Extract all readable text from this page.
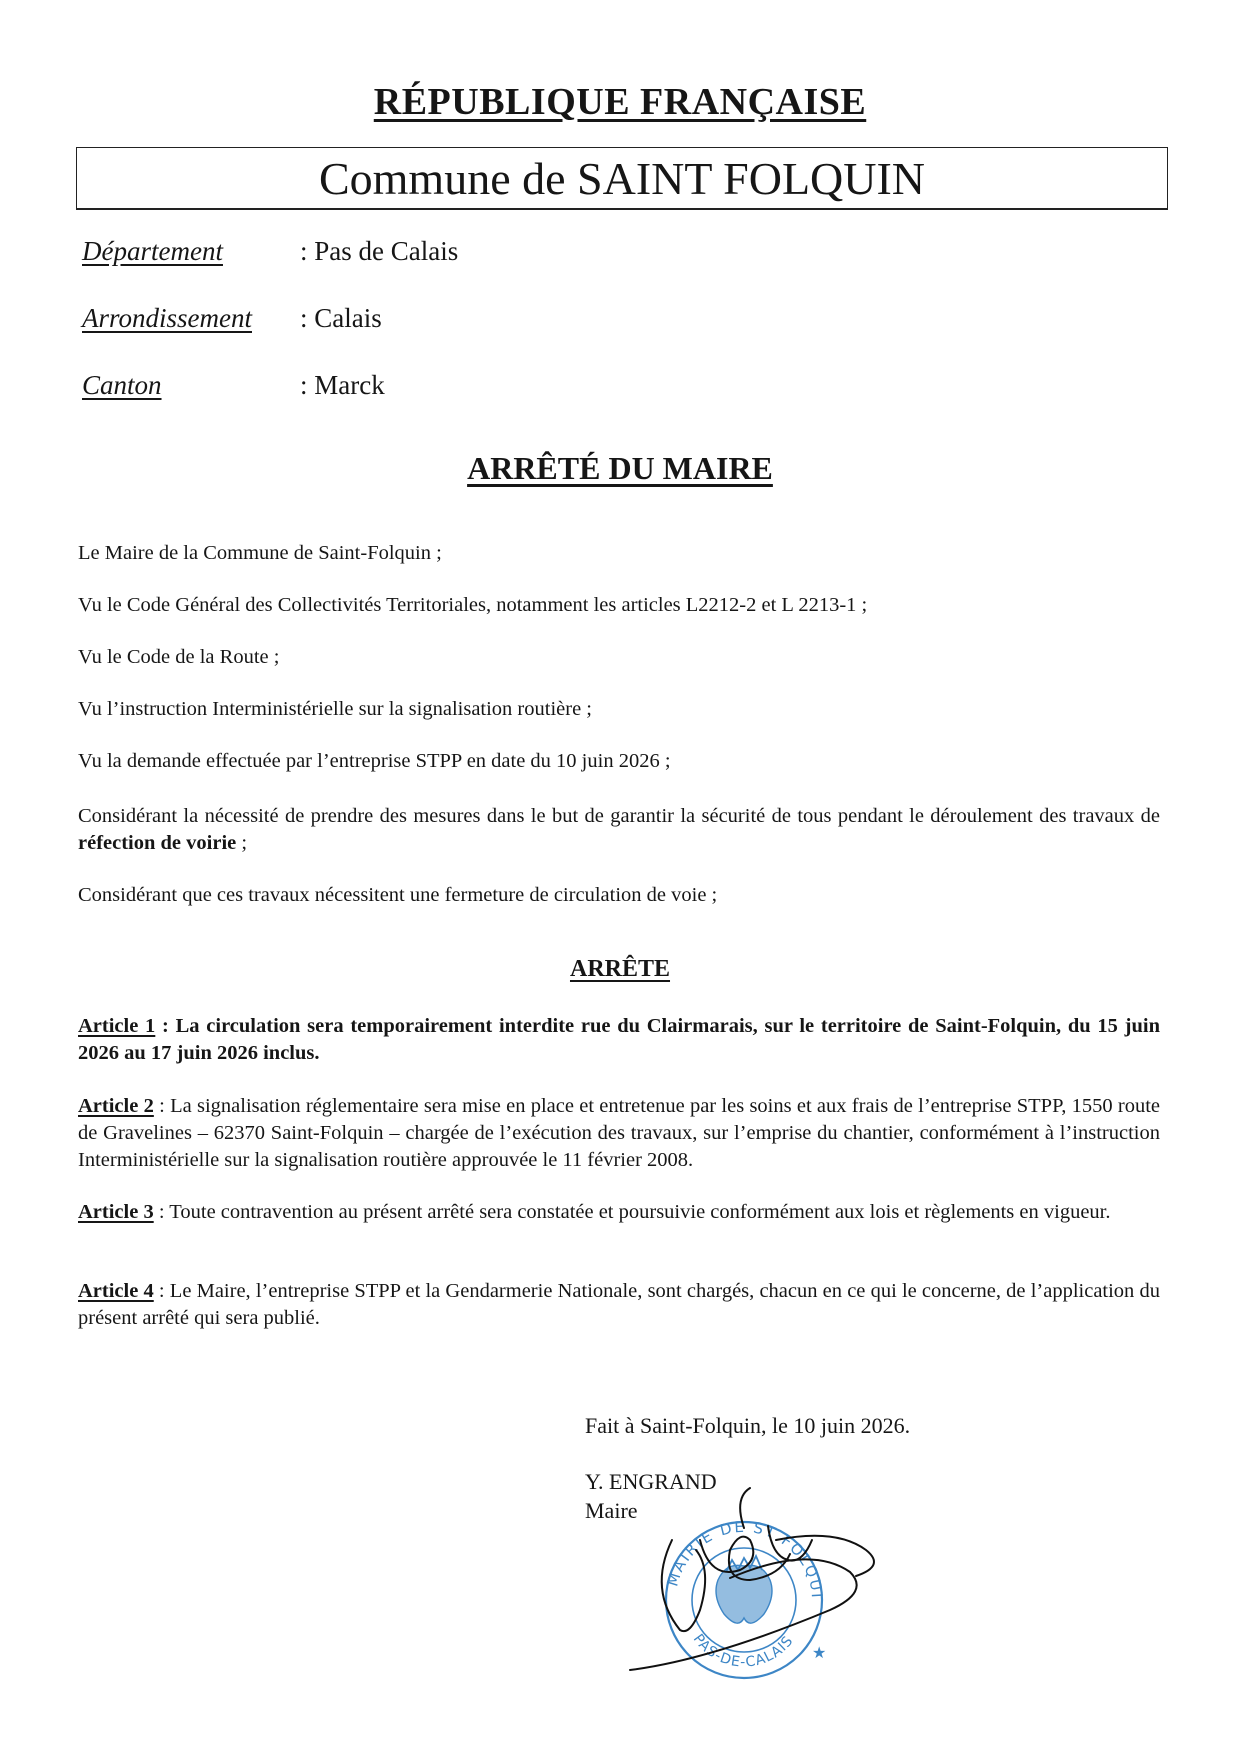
RÉPUBLIQUE FRANÇAISE
Commune de SAINT FOLQUIN
Département	: Pas de Calais
Arrondissement : Calais
Canton	: Marck
ARRÊTÉ DU MAIRE
Le Maire de la Commune de Saint-Folquin ;
Vu le Code Général des Collectivités Territoriales, notamment les articles L2212-2 et L 2213-1 ;
Vu le Code de la Route ;
Vu l’instruction Interministérielle sur la signalisation routière ;
Vu la demande effectuée par l’entreprise STPP en date du 10 juin 2026 ;
Considérant la nécessité de prendre des mesures dans le but de garantir la sécurité de tous pendant le déroulement des travaux de réfection de voirie ;
Considérant que ces travaux nécessitent une fermeture de circulation de voie ;
ARRÊTE
Article 1 : La circulation sera temporairement interdite rue du Clairmarais, sur le territoire de Saint-Folquin, du 15 juin 2026 au 17 juin 2026 inclus.
Article 2 : La signalisation réglementaire sera mise en place et entretenue par les soins et aux frais de l’entreprise STPP, 1550 route de Gravelines – 62370 Saint-Folquin – chargée de l’exécution des travaux, sur l’emprise du chantier, conformément à l’instruction Interministérielle sur la signalisation routière approuvée le 11 février 2008.
Article 3 : Toute contravention au présent arrêté sera constatée et poursuivie conformément aux lois et règlements en vigueur.
Article 4 : Le Maire, l’entreprise STPP et la Gendarmerie Nationale, sont chargés, chacun en ce qui le concerne, de l’application du présent arrêté qui sera publié.
Fait à Saint-Folquin, le 10 juin 2026.
Y. ENGRAND
Maire
MAIRIE DE ST FOLQUI
PAS-DE-CALAIS
★
